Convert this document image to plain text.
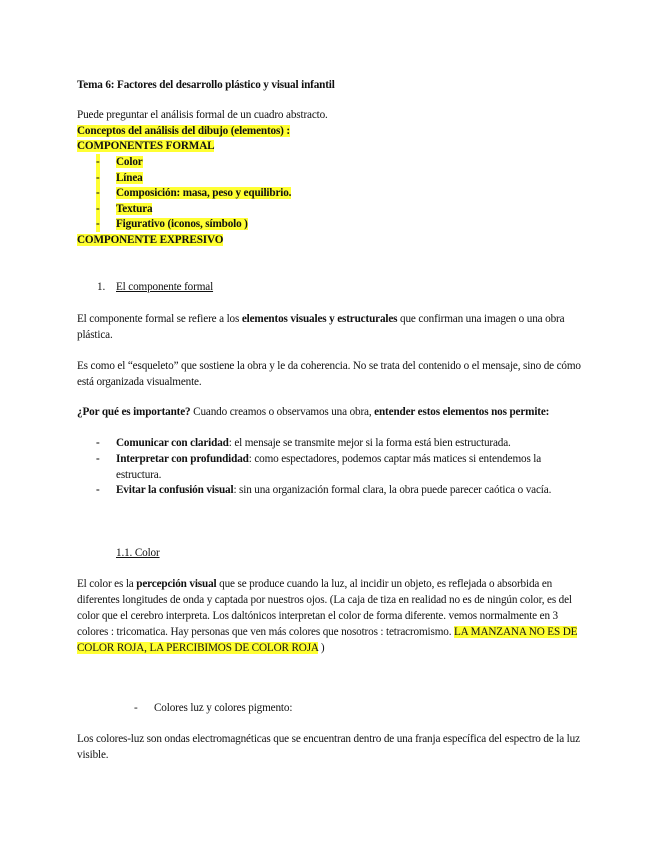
Tema 6: Factores del desarrollo plástico y visual infantil
Puede preguntar el análisis formal de un cuadro abstracto.
Conceptos del análisis del dibujo (elementos) :
COMPONENTES FORMAL
- Color
- Línea
- Composición: masa, peso y equilibrio.
- Textura
- Figurativo (iconos, símbolo )
COMPONENTE EXPRESIVO
1. El componente formal
El componente formal se refiere a los elementos visuales y estructurales que confirman una imagen o una obra plástica.
Es como el “esqueleto” que sostiene la obra y le da coherencia. No se trata del contenido o el mensaje, sino de cómo está organizada visualmente.
¿Por qué es importante? Cuando creamos o observamos una obra, entender estos elementos nos permite:
- Comunicar con claridad: el mensaje se transmite mejor si la forma está bien estructurada.
- Interpretar con profundidad: como espectadores, podemos captar más matices si entendemos la estructura.
- Evitar la confusión visual: sin una organización formal clara, la obra puede parecer caótica o vacía.
1.1. Color
El color es la percepción visual que se produce cuando la luz, al incidir un objeto, es reflejada o absorbida en diferentes longitudes de onda y captada por nuestros ojos. (La caja de tiza en realidad no es de ningún color, es del color que el cerebro interpreta. Los daltónicos interpretan el color de forma diferente. vemos normalmente en 3 colores : tricomatica. Hay personas que ven más colores que nosotros : tetracromismo. LA MANZANA NO ES DE COLOR ROJA, LA PERCIBIMOS DE COLOR ROJA )
- Colores luz y colores pigmento:
Los colores-luz son ondas electromagnéticas que se encuentran dentro de una franja específica del espectro de la luz visible.
